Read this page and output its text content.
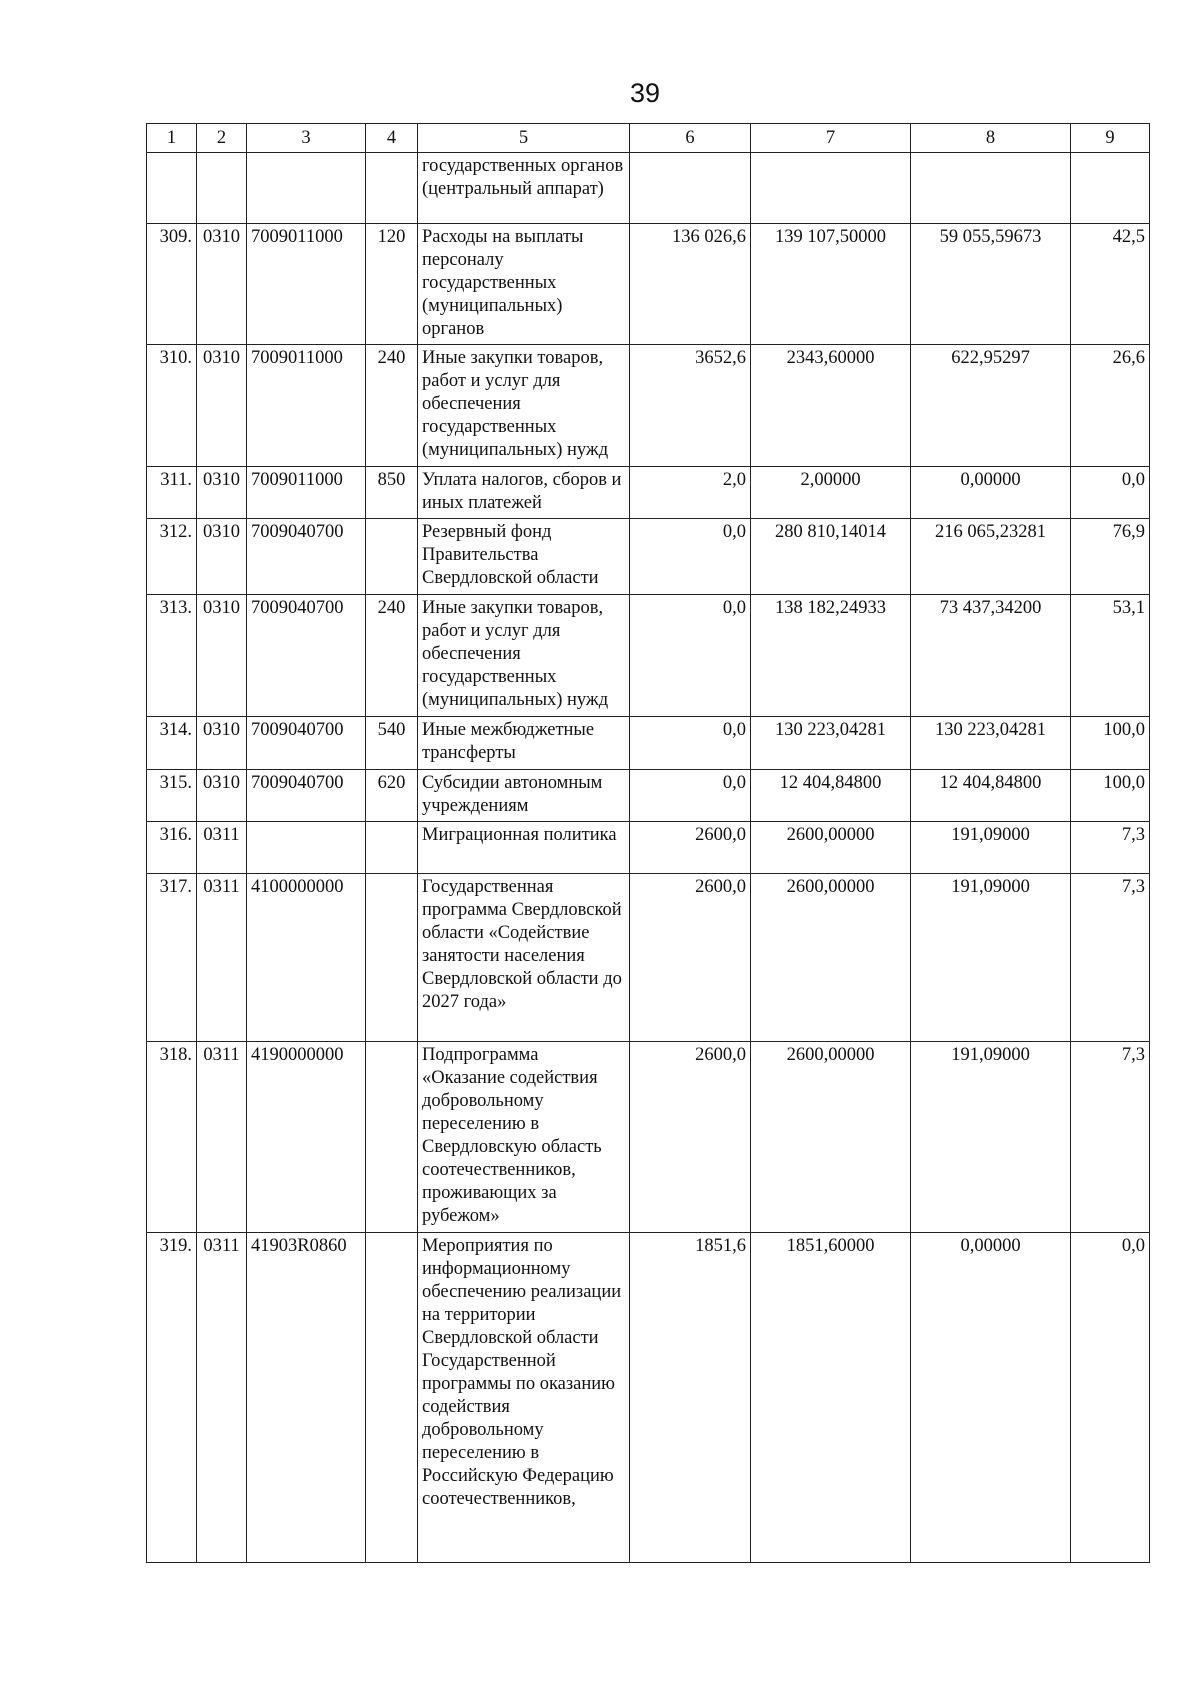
39
1	2	3	4	5	6	7	8	9
				государственных органов (центральный аппарат)				
309.	0310	7009011000	120	Расходы на выплаты персоналу государственных (муниципальных) органов	136 026,6	139 107,50000	59 055,59673	42,5
310.	0310	7009011000	240	Иные закупки товаров, работ и услуг для обеспечения государственных (муниципальных) нужд	3652,6	2343,60000	622,95297	26,6
311.	0310	7009011000	850	Уплата налогов, сборов и иных платежей	2,0	2,00000	0,00000	0,0
312.	0310	7009040700		Резервный фонд Правительства Свердловской области	0,0	280 810,14014	216 065,23281	76,9
313.	0310	7009040700	240	Иные закупки товаров, работ и услуг для обеспечения государственных (муниципальных) нужд	0,0	138 182,24933	73 437,34200	53,1
314.	0310	7009040700	540	Иные межбюджетные трансферты	0,0	130 223,04281	130 223,04281	100,0
315.	0310	7009040700	620	Субсидии автономным учреждениям	0,0	12 404,84800	12 404,84800	100,0
316.	0311			Миграционная политика	2600,0	2600,00000	191,09000	7,3
317.	0311	4100000000		Государственная программа Свердловской области «Содействие занятости населения Свердловской области до 2027 года»	2600,0	2600,00000	191,09000	7,3
318.	0311	4190000000		Подпрограмма «Оказание содействия добровольному переселению в Свердловскую область соотечественников, проживающих за рубежом»	2600,0	2600,00000	191,09000	7,3
319.	0311	41903R0860		Мероприятия по информационному обеспечению реализации на территории Свердловской области Государственной программы по оказанию содействия добровольному переселению в Российскую Федерацию соотечественников,	1851,6	1851,60000	0,00000	0,0
